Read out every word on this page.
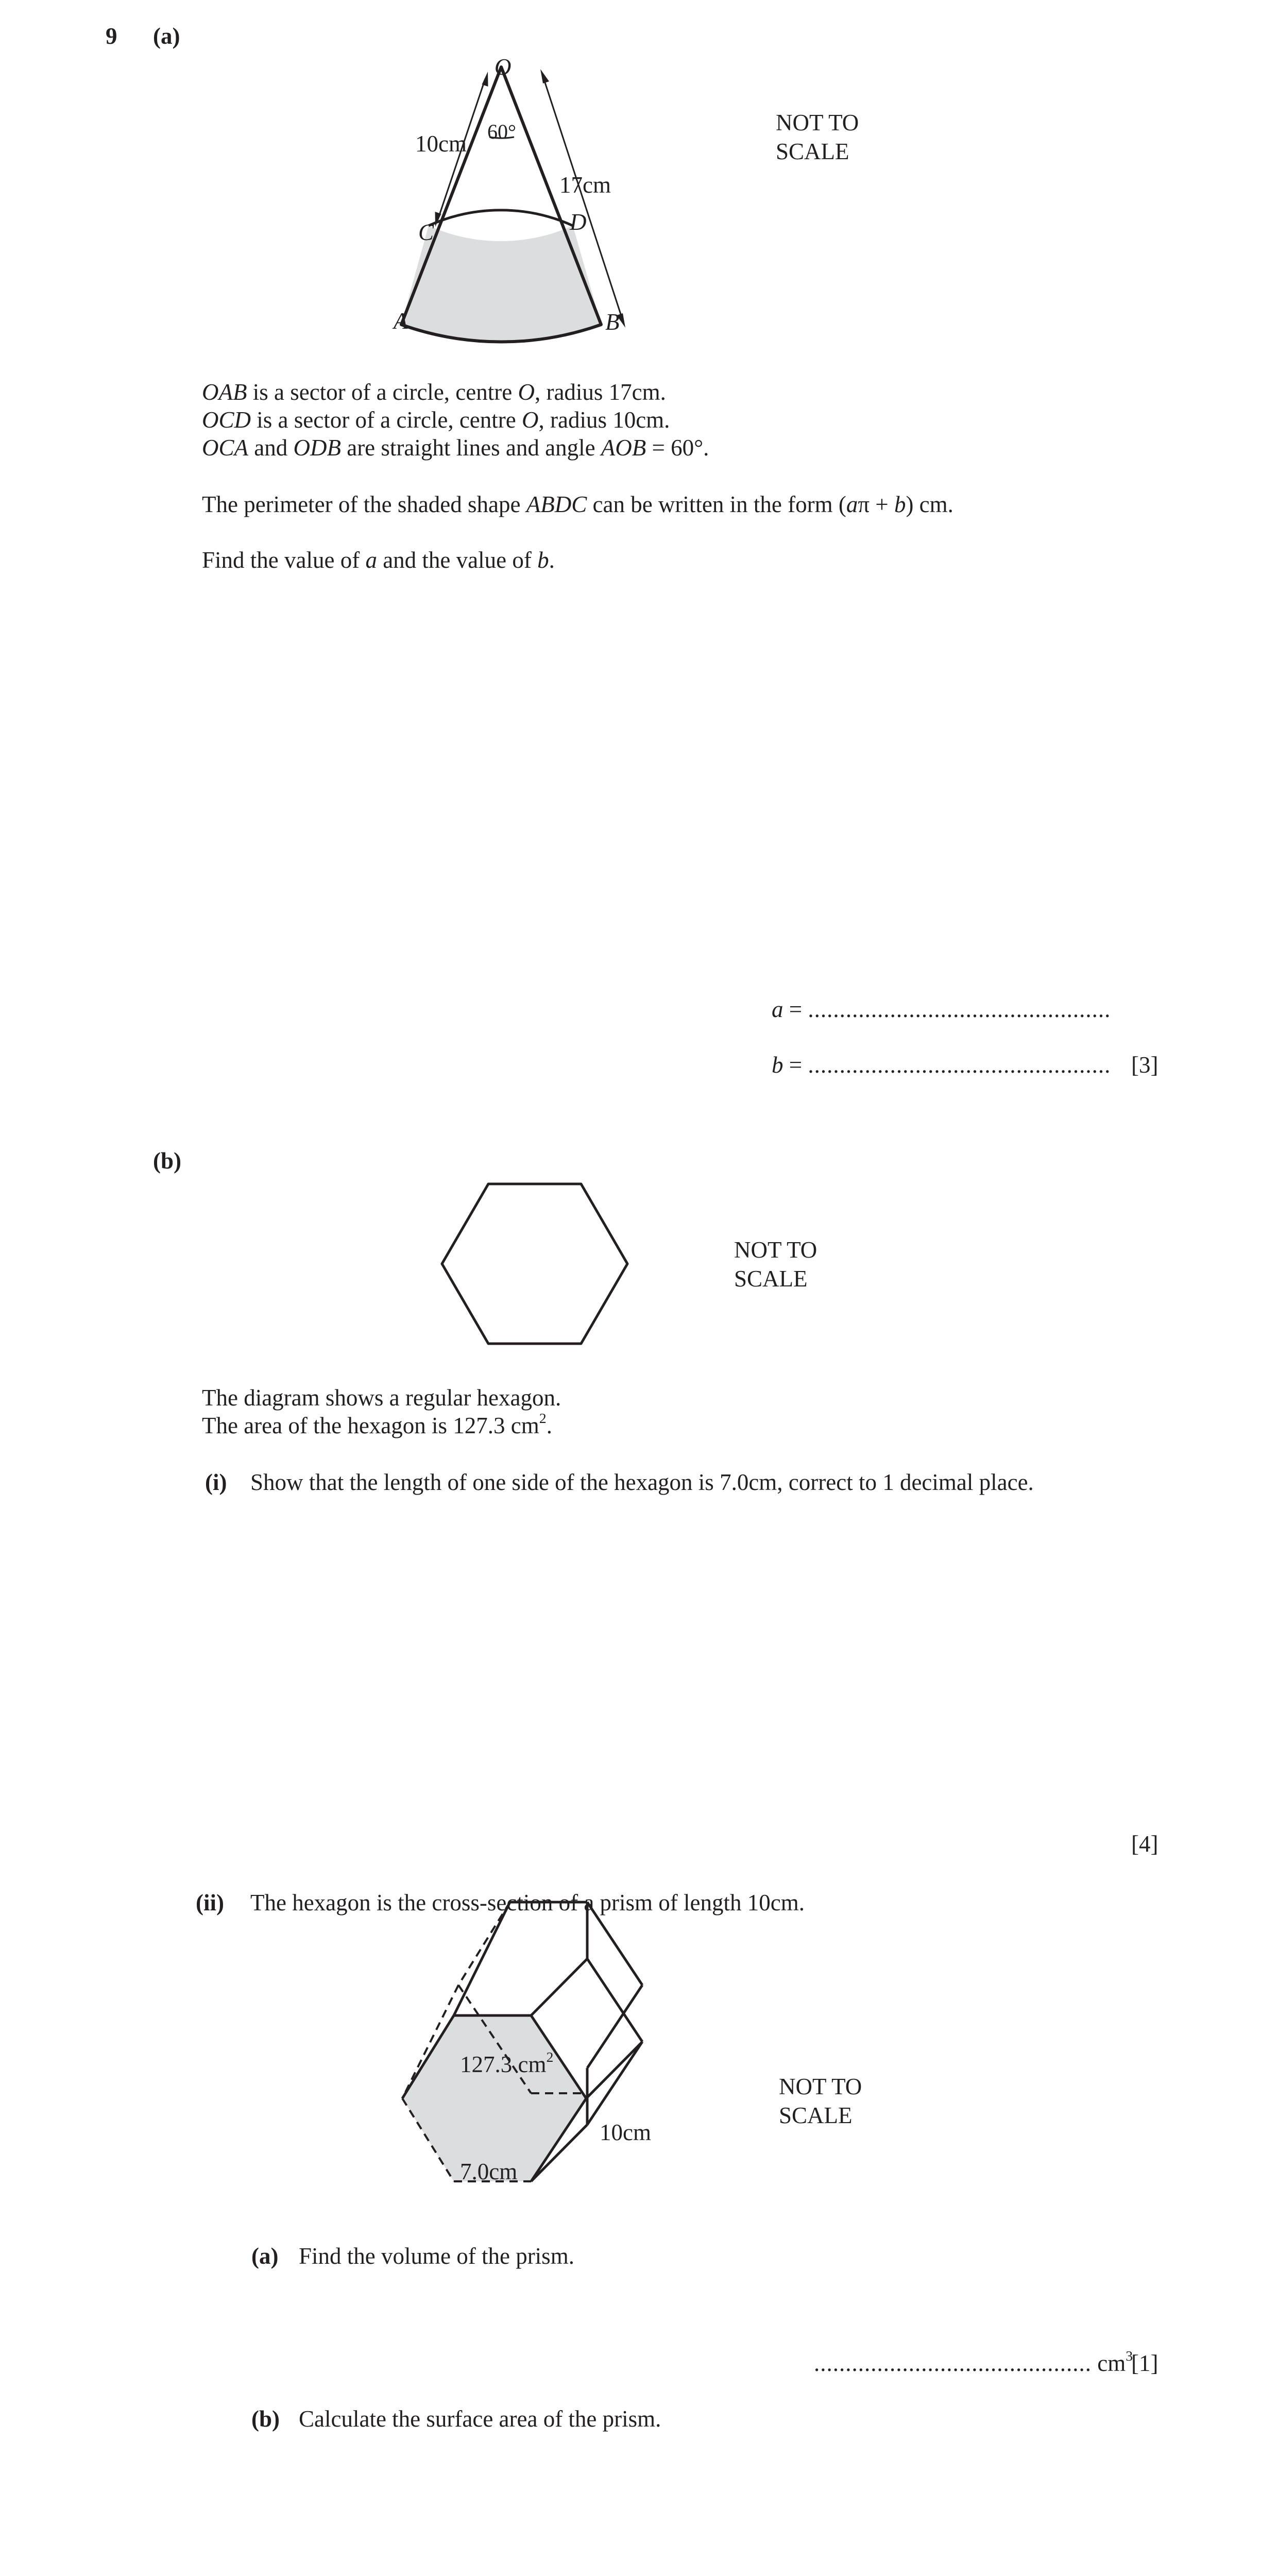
9 (a)
O
60°
10cm
17cm
C	D
A	B
NOT TO
SCALE
OAB is a sector of a circle, centre O, radius 17cm.
OCD is a sector of a circle, centre O, radius 10cm.
OCA and ODB are straight lines and angle AOB = 60°.
The perimeter of the shaded shape ABDC can be written in the form (aπ + b) cm.
Find the value of a and the value of b.
a = ................................................
b = ................................................ [3]
(b)
NOT TO
SCALE
The diagram shows a regular hexagon.
The area of the hexagon is 127.3 $cm^2$.
(i) Show that the length of one side of the hexagon is 7.0cm, correct to 1 decimal place.
[4]
(ii) The hexagon is the cross-section of a prism of length 10cm.
127.3 $cm^2$
10cm
7.0cm
NOT TO
SCALE
(a) Find the volume of the prism.
............................................ $cm^3$
[1]
(b) Calculate the surface area of the prism.
